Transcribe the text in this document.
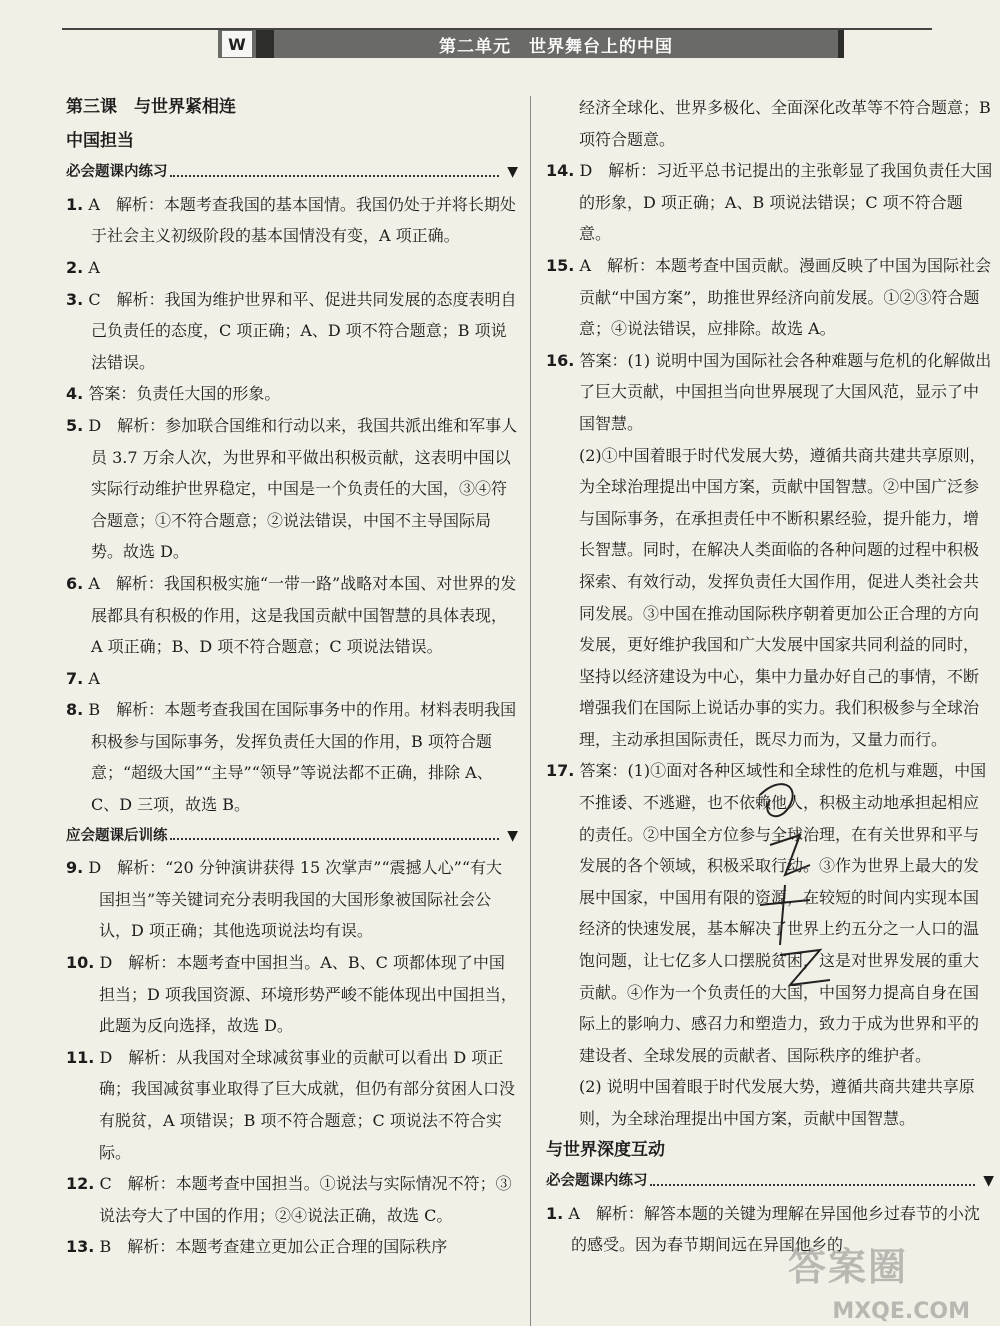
W	第二单元　世界舞台上的中国
第三课　与世界紧相连
中国担当
必会题课内练习	▼

1. A　解析：本题考查我国的基本国情。我国仍处于并将长期处于社会主义初级阶段的基本国情没有变，A 项正确。

2. A

3. C　解析：我国为维护世界和平、促进共同发展的态度表明自己负责任的态度，C 项正确；A、D 项不符合题意；B 项说法错误。

4. 答案：负责任大国的形象。

5. D　解析：参加联合国维和行动以来，我国共派出维和军事人员 3.7 万余人次，为世界和平做出积极贡献，这表明中国以实际行动维护世界稳定，中国是一个负责任的大国，③④符合题意；①不符合题意；②说法错误，中国不主导国际局势。故选 D。

6. A　解析：我国积极实施“一带一路”战略对本国、对世界的发展都具有积极的作用，这是我国贡献中国智慧的具体表现，A 项正确；B、D 项不符合题意；C 项说法错误。

7. A

8. B　解析：本题考查我国在国际事务中的作用。材料表明我国积极参与国际事务，发挥负责任大国的作用，B 项符合题意；“超级大国”“主导”“领导”等说法都不正确，排除 A、C、D 三项，故选 B。

应会题课后训练	▼

9. D　解析：“20 分钟演讲获得 15 次掌声”“震撼人心”“有大国担当”等关键词充分表明我国的大国形象被国际社会公认，D 项正确；其他选项说法均有误。

10. D　解析：本题考查中国担当。A、B、C 项都体现了中国担当；D 项我国资源、环境形势严峻不能体现出中国担当，此题为反向选择，故选 D。

11. D　解析：从我国对全球减贫事业的贡献可以看出 D 项正确；我国减贫事业取得了巨大成就，但仍有部分贫困人口没有脱贫，A 项错误；B 项不符合题意；C 项说法不符合实际。

12. C　解析：本题考查中国担当。①说法与实际情况不符；③说法夸大了中国的作用；②④说法正确，故选 C。

13. B　解析：本题考查建立更加公正合理的国际秩序

经济全球化、世界多极化、全面深化改革等不符合题意；B 项符合题意。

14. D　解析：习近平总书记提出的主张彰显了我国负责任大国的形象，D 项正确；A、B 项说法错误；C 项不符合题意。

15. A　解析：本题考查中国贡献。漫画反映了中国为国际社会贡献“中国方案”，助推世界经济向前发展。①②③符合题意；④说法错误，应排除。故选 A。

16. 答案：(1) 说明中国为国际社会各种难题与危机的化解做出了巨大贡献，中国担当向世界展现了大国风范，显示了中国智慧。

(2)①中国着眼于时代发展大势，遵循共商共建共享原则，为全球治理提出中国方案，贡献中国智慧。②中国广泛参与国际事务，在承担责任中不断积累经验，提升能力，增长智慧。同时，在解决人类面临的各种问题的过程中积极探索、有效行动，发挥负责任大国作用，促进人类社会共同发展。③中国在推动国际秩序朝着更加公正合理的方向发展，更好维护我国和广大发展中国家共同利益的同时，坚持以经济建设为中心，集中力量办好自己的事情，不断增强我们在国际上说话办事的实力。我们积极参与全球治理，主动承担国际责任，既尽力而为，又量力而行。

17. 答案：(1)①面对各种区域性和全球性的危机与难题，中国不推诿、不逃避，也不依赖他人，积极主动地承担起相应的责任。②中国全方位参与全球治理，在有关世界和平与发展的各个领域，积极采取行动。③作为世界上最大的发展中国家，中国用有限的资源，在较短的时间内实现本国经济的快速发展，基本解决了世界上约五分之一人口的温饱问题，让七亿多人口摆脱贫困，这是对世界发展的重大贡献。④作为一个负责任的大国，中国努力提高自身在国际上的影响力、感召力和塑造力，致力于成为世界和平的建设者、全球发展的贡献者、国际秩序的维护者。

(2) 说明中国着眼于时代发展大势，遵循共商共建共享原则，为全球治理提出中国方案，贡献中国智慧。

与世界深度互动
必会题课内练习	▼

1. A　解析：解答本题的关键为理解在异国他乡过春节的小沈的感受。因为春节期间远在异国他乡的

答案圈
MXQE.COM
